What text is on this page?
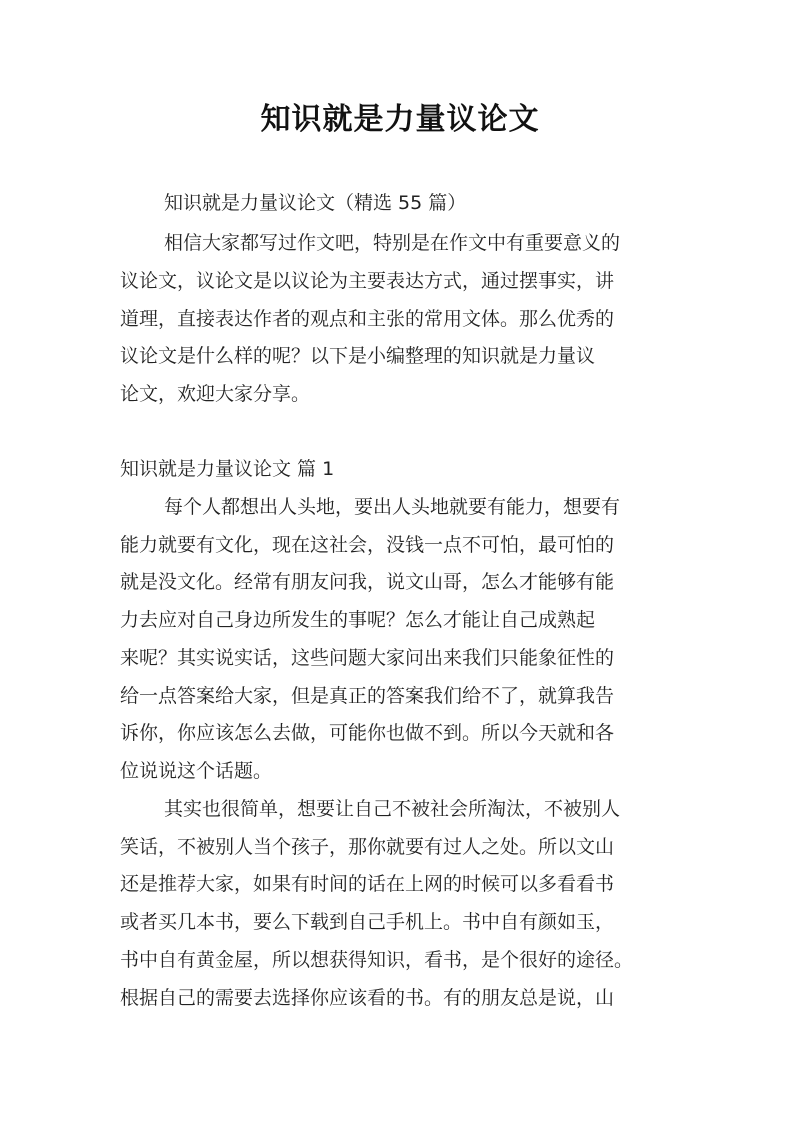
知识就是力量议论文
知识就是力量议论文（精选 55 篇）
相信大家都写过作文吧，特别是在作文中有重要意义的
议论文，议论文是以议论为主要表达方式，通过摆事实，讲
道理，直接表达作者的观点和主张的常用文体。那么优秀的
议论文是什么样的呢？以下是小编整理的知识就是力量议
论文，欢迎大家分享。
知识就是力量议论文 篇 1
每个人都想出人头地，要出人头地就要有能力，想要有
能力就要有文化，现在这社会，没钱一点不可怕，最可怕的
就是没文化。经常有朋友问我，说文山哥，怎么才能够有能
力去应对自己身边所发生的事呢？怎么才能让自己成熟起
来呢？其实说实话，这些问题大家问出来我们只能象征性的
给一点答案给大家，但是真正的答案我们给不了，就算我告
诉你，你应该怎么去做，可能你也做不到。所以今天就和各
位说说这个话题。
其实也很简单，想要让自己不被社会所淘汰，不被别人
笑话，不被别人当个孩子，那你就要有过人之处。所以文山
还是推荐大家，如果有时间的话在上网的时候可以多看看书
或者买几本书，要么下载到自己手机上。书中自有颜如玉，
书中自有黄金屋，所以想获得知识，看书，是个很好的途径。
根据自己的需要去选择你应该看的书。有的朋友总是说，山
